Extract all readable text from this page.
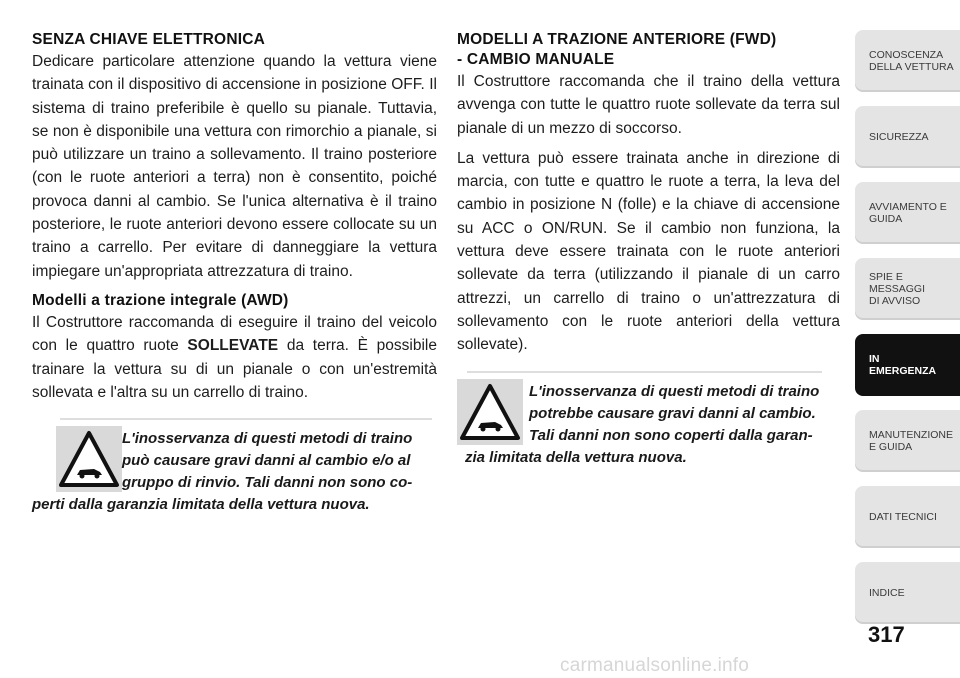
SENZA CHIAVE ELETTRONICA

Dedicare particolare attenzione quando la vettura viene trainata con il dispositivo di accensione in posizione OFF. Il sistema di traino preferibile è quello su pianale. Tuttavia, se non è disponibile una vettura con rimorchio a pianale, si può utilizzare un traino a sollevamento. Il traino posteriore (con le ruote anteriori a terra) non è consentito, poiché provoca danni al cambio. Se l'unica alternativa è il traino posteriore, le ruote anteriori devono essere collocate su un traino a carrello. Per evitare di danneggiare la vettura impiegare un'appropriata attrezzatura di traino.

Modelli a trazione integrale (AWD)

Il Costruttore raccomanda di eseguire il traino del veicolo con le quattro ruote SOLLEVATE da terra. È possibile trainare la vettura su di un pianale o con un'estremità sollevata e l'altra su un carrello di traino.

L'inosservanza di questi metodi di traino
può causare gravi danni al cambio e/o al
gruppo di rinvio. Tali danni non sono co-
perti dalla garanzia limitata della vettura nuova.
MODELLI A TRAZIONE ANTERIORE (FWD)
- CAMBIO MANUALE

Il Costruttore raccomanda che il traino della vettura avvenga con tutte le quattro ruote sollevate da terra sul pianale di un mezzo di soccorso.

La vettura può essere trainata anche in direzione di marcia, con tutte e quattro le ruote a terra, la leva del cambio in posizione N (folle) e la chiave di accensione su ACC o ON/RUN. Se il cambio non funziona, la vettura deve essere trainata con le ruote anteriori sollevate da terra (utilizzando il pianale di un carro attrezzi, un carrello di traino o un'attrezzatura di sollevamento con le ruote anteriori della vettura sollevate).

L'inosservanza di questi metodi di traino
potrebbe causare gravi danni al cambio.
Tali danni non sono coperti dalla garan-
zia limitata della vettura nuova.
CONOSCENZA
DELLA VETTURA
SICUREZZA
AVVIAMENTO E
GUIDA
SPIE E
MESSAGGI
DI AVVISO
IN
EMERGENZA
MANUTENZIONE
E GUIDA
DATI TECNICI
INDICE
317
carmanualsonline.info
